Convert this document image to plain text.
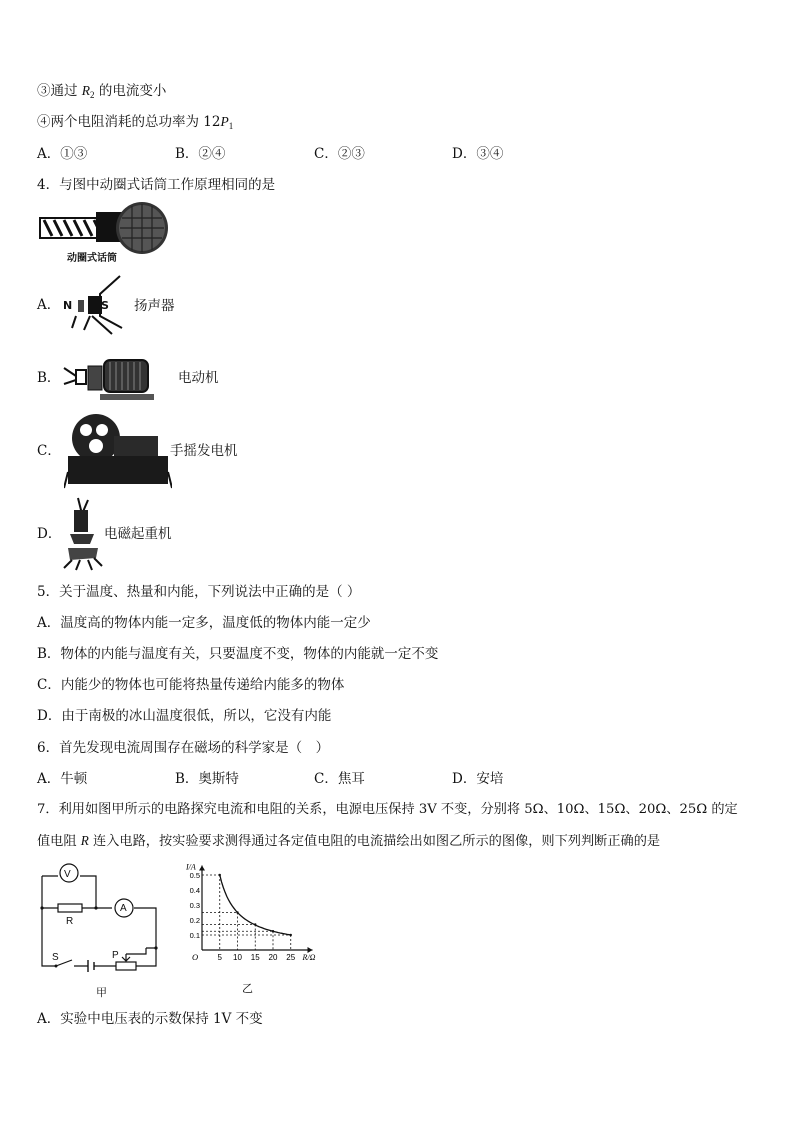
③通过 $R_2$ 的电流变小
④两个电阻消耗的总功率为 $12P_1$
A．①③	B．②④	C．②③	D．③④
4．与图中动圈式话筒工作原理相同的是
动圈式话筒
A． N	S 扬声器
B．	电动机
C．	手摇发电机
D．	电磁起重机
5．关于温度、热量和内能，下列说法中正确的是（ ）
A．温度高的物体内能一定多，温度低的物体内能一定少
B．物体的内能与温度有关，只要温度不变，物体的内能就一定不变
C．内能少的物体也可能将热量传递给内能多的物体
D．由于南极的冰山温度很低，所以，它没有内能
6．首先发现电流周围存在磁场的科学家是（　）
A．牛顿	B．奥斯特	C．焦耳	D．安培
7．利用如图甲所示的电路探究电流和电阻的关系，电源电压保持 3V 不变，分别将 5Ω、10Ω、15Ω、20Ω、25Ω 的定
值电阻 R 连入电路，按实验要求测得通过各定值电阻的电流描绘出如图乙所示的图像，则下列判断正确的是
V
A
R
S	P
甲
5 10 15 20 25
0.1
0.2
0.3
0.4
0.5
O	R/Ω
I/A
乙
A．实验中电压表的示数保持 1V 不变
